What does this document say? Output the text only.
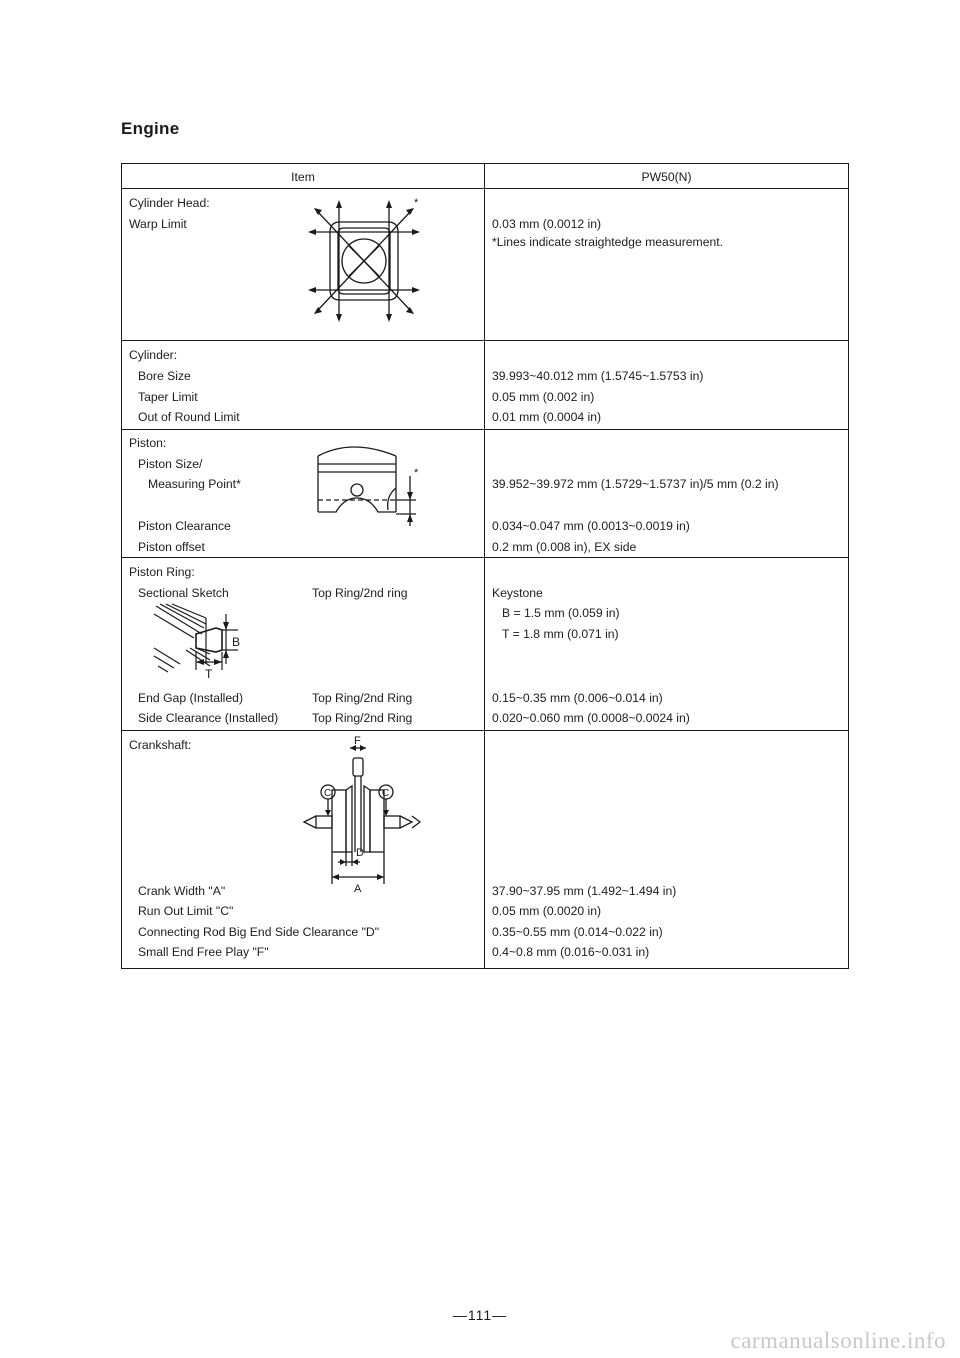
Engine
Item	PW50(N)
Cylinder Head:
Warp Limit	0.03 mm (0.0012 in)
*Lines indicate straightedge measurement.
*
Cylinder:
Bore Size	39.993~40.012 mm (1.5745~1.5753 in)
Taper Limit	0.05 mm (0.002 in)
Out of Round Limit	0.01 mm (0.0004 in)
Piston:
Piston Size/
Measuring Point*	39.952~39.972 mm (1.5729~1.5737 in)/5 mm (0.2 in)
Piston Clearance	0.034~0.047 mm (0.0013~0.0019 in)
Piston offset	0.2 mm (0.008 in), EX side
*
Piston Ring:
Sectional Sketch	Top Ring/2nd ring	Keystone
B = 1.5 mm (0.059 in)
T = 1.8 mm (0.071 in)
B
T
End Gap (Installed)	Top Ring/2nd Ring	0.15~0.35 mm (0.006~0.014 in)
Side Clearance (Installed)	Top Ring/2nd Ring	0.020~0.060 mm (0.0008~0.0024 in)
Crankshaft:	F
C	C
D
A
Crank Width "A"	37.90~37.95 mm (1.492~1.494 in)
Run Out Limit "C"	0.05 mm (0.0020 in)
Connecting Rod Big End Side Clearance "D"	0.35~0.55 mm (0.014~0.022 in)
Small End Free Play "F"	0.4~0.8 mm (0.016~0.031 in)
—111—
carmanualsonline.info
